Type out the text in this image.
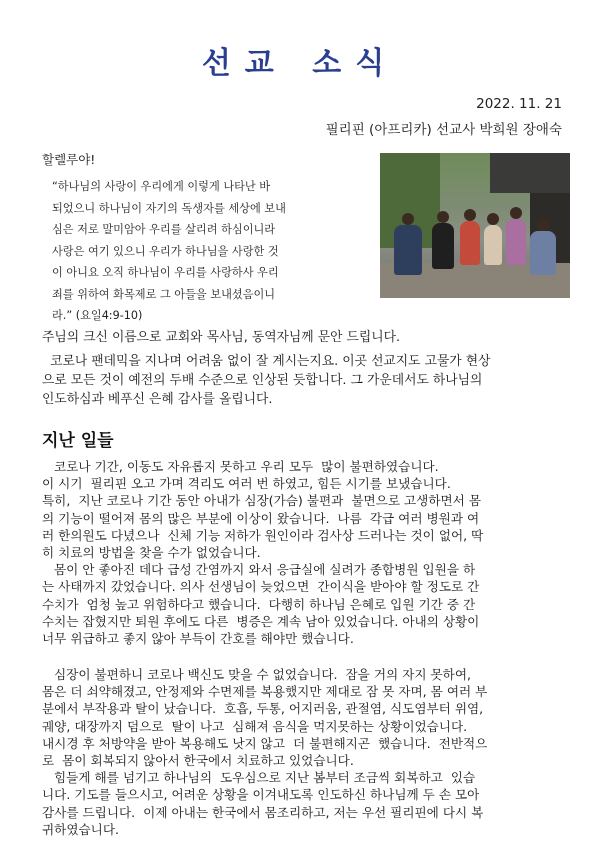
선교 소식
2022. 11. 21
필리핀 (아프리카) 선교사 박희원 장애숙
할렐루야!
“하나님의 사랑이 우리에게 이렇게 나타난 바
되었으니 하나님이 자기의 독생자를 세상에 보내
심은 저로 말미암아 우리를 살리려 하심이니라
사랑은 여기 있으니 우리가 하나님을 사랑한 것
이 아니요 오직 하나님이 우리를 사랑하사 우리
죄를 위하여 화목제로 그 아들을 보내셨음이니
라.” (요일4:9-10)
주님의 크신 이름으로 교회와 목사님, 동역자님께 문안 드립니다.
코로나 팬데믹을 지나며 어려움 없이 잘 계시는지요. 이곳 선교지도 고물가 현상
으로 모든 것이 예전의 두배 수준으로 인상된 듯합니다. 그 가운데서도 하나님의
인도하심과 베푸신 은혜 감사를 올립니다.
지난 일들
코로나 기간, 이동도 자유롭지 못하고 우리 모두  많이 불편하였습니다.
이 시기  필리핀 오고 가며 격리도 여러 번 하였고, 힘든 시기를 보냈습니다.
특히,  지난 코로나 기간 동안 아내가 심장(가슴) 불편과  불면으로 고생하면서 몸
의 기능이 떨어져 몸의 많은 부분에 이상이 왔습니다.  나름  각급 여러 병원과 여
러 한의원도 다녔으나  신체 기능 저하가 원인이라 검사상 드러나는 것이 없어, 딱
히 치료의 방법을 찾을 수가 없었습니다.
몸이 안 좋아진 데다 급성 간염까지 와서 응급실에 실려가 종합병원 입원을 하
는 사태까지 갔었습니다. 의사 선생님이 늦었으면  간이식을 받아야 할 정도로 간
수치가  엄청 높고 위험하다고 했습니다.  다행히 하나님 은혜로 입원 기간 중 간
수치는 잡혔지만 퇴원 후에도 다른  병증은 계속 남아 있었습니다. 아내의 상황이
너무 위급하고 좋지 않아 부득이 간호를 해야만 했습니다.
심장이 불편하니 코로나 백신도 맞을 수 없었습니다.  잠을 거의 자지 못하여,
몸은 더 쇠약해졌고, 안정제와 수면제를 복용했지만 제대로 잠 못 자며, 몸 여러 부
분에서 부작용과 탈이 났습니다.  호흡, 두통, 어지러움, 관절염, 식도염부터 위염,
궤양, 대장까지 덤으로  탈이 나고  심해져 음식을 먹지못하는 상황이었습니다.
내시경 후 처방약을 받아 복용해도 낫지 않고  더 불편해지곤  했습니다.  전반적으
로  몸이 회복되지 않아서 한국에서 치료하고 있었습니다.
힘들게 해를 넘기고 하나님의  도우심으로 지난 봄부터 조금씩 회복하고  있습
니다. 기도를 들으시고, 어려운 상황을 이겨내도록 인도하신 하나님께 두 손 모아
감사를 드립니다.  이제 아내는 한국에서 몸조리하고, 저는 우선 필리핀에 다시 복
귀하였습니다.
